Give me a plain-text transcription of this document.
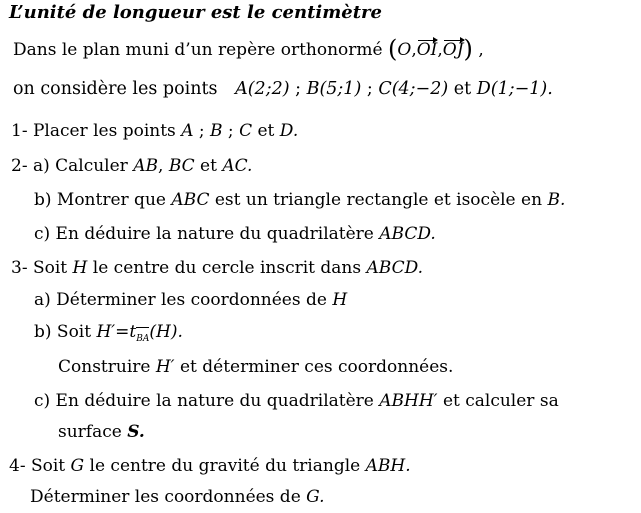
L’unité de longueur est le centimètre
Dans le plan muni d’un repère orthonormé (O,OI,OJ) ,
on considère les points A(2;2) ; B(5;1) ; C(4;−2) et D(1;−1).
1- Placer les points A ; B ; C et D.
2- a) Calculer AB, BC et AC.
b) Montrer que ABC est un triangle rectangle et isocèle en B.
c) En déduire la nature du quadrilatère ABCD.
3- Soit H le centre du cercle inscrit dans ABCD.
a) Déterminer les coordonnées de H
b) Soit $H'=t_{BA}(H)$.
Construire H′ et déterminer ces coordonnées.
c) En déduire la nature du quadrilatère ABHH′ et calculer sa
surface S.
4- Soit G le centre du gravité du triangle ABH.
Déterminer les coordonnées de G.
